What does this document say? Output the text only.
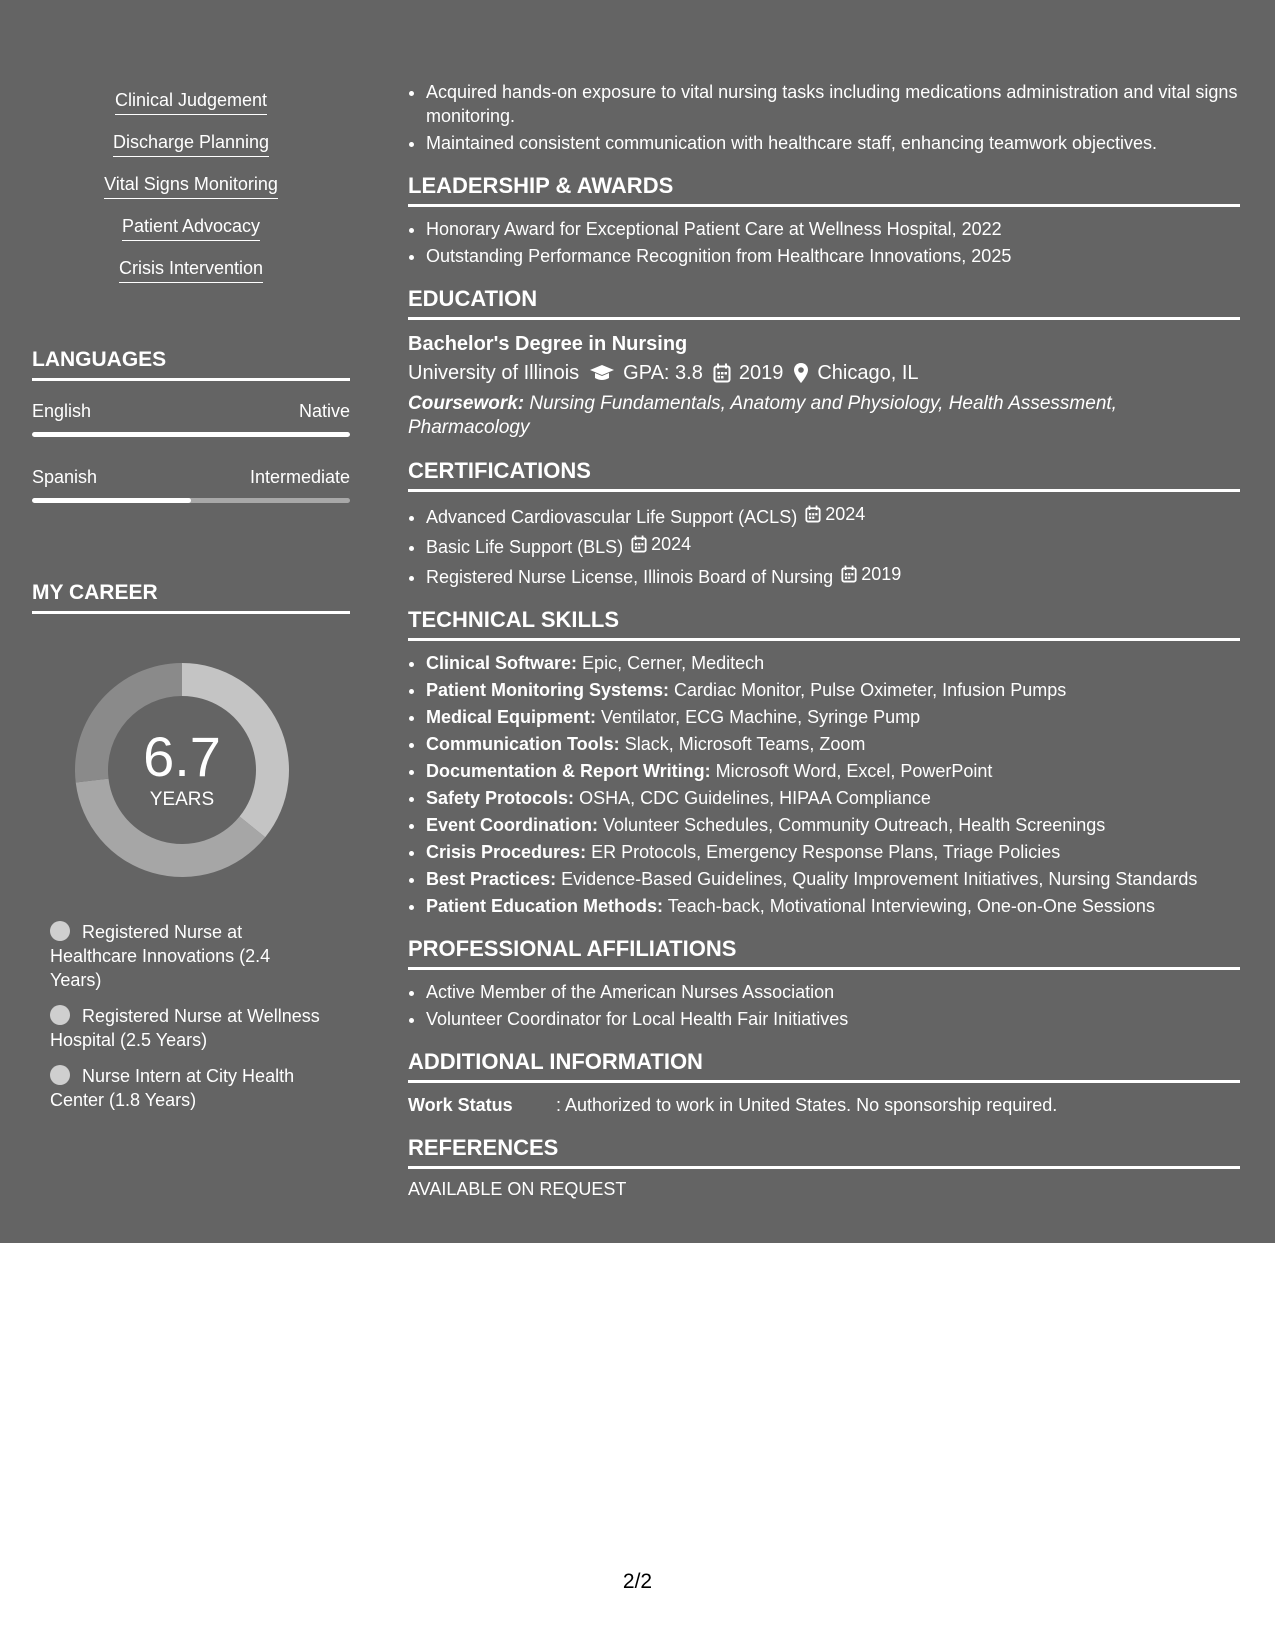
Clinical Judgement
Discharge Planning
Vital Signs Monitoring
Patient Advocacy
Crisis Intervention
LANGUAGES
English	Native
Spanish	Intermediate
MY CAREER
6.7
YEARS
Registered Nurse at Healthcare Innovations (2.4 Years)
Registered Nurse at Wellness Hospital (2.5 Years)
Nurse Intern at City Health Center (1.8 Years)
• Acquired hands-on exposure to vital nursing tasks including medications administration and vital signs monitoring.
• Maintained consistent communication with healthcare staff, enhancing teamwork objectives.
LEADERSHIP & AWARDS
• Honorary Award for Exceptional Patient Care at Wellness Hospital, 2022
• Outstanding Performance Recognition from Healthcare Innovations, 2025
EDUCATION
Bachelor's Degree in Nursing
University of Illinois GPA: 3.8 2019 Chicago, IL
Coursework: Nursing Fundamentals, Anatomy and Physiology, Health Assessment, Pharmacology
CERTIFICATIONS
• Advanced Cardiovascular Life Support (ACLS) 2024
• Basic Life Support (BLS) 2024
• Registered Nurse License, Illinois Board of Nursing 2019
TECHNICAL SKILLS
• Clinical Software: Epic, Cerner, Meditech
• Patient Monitoring Systems: Cardiac Monitor, Pulse Oximeter, Infusion Pumps
• Medical Equipment: Ventilator, ECG Machine, Syringe Pump
• Communication Tools: Slack, Microsoft Teams, Zoom
• Documentation & Report Writing: Microsoft Word, Excel, PowerPoint
• Safety Protocols: OSHA, CDC Guidelines, HIPAA Compliance
• Event Coordination: Volunteer Schedules, Community Outreach, Health Screenings
• Crisis Procedures: ER Protocols, Emergency Response Plans, Triage Policies
• Best Practices: Evidence-Based Guidelines, Quality Improvement Initiatives, Nursing Standards
• Patient Education Methods: Teach-back, Motivational Interviewing, One-on-One Sessions
PROFESSIONAL AFFILIATIONS
• Active Member of the American Nurses Association
• Volunteer Coordinator for Local Health Fair Initiatives
ADDITIONAL INFORMATION
Work Status	: Authorized to work in United States. No sponsorship required.
REFERENCES
AVAILABLE ON REQUEST
2/2
